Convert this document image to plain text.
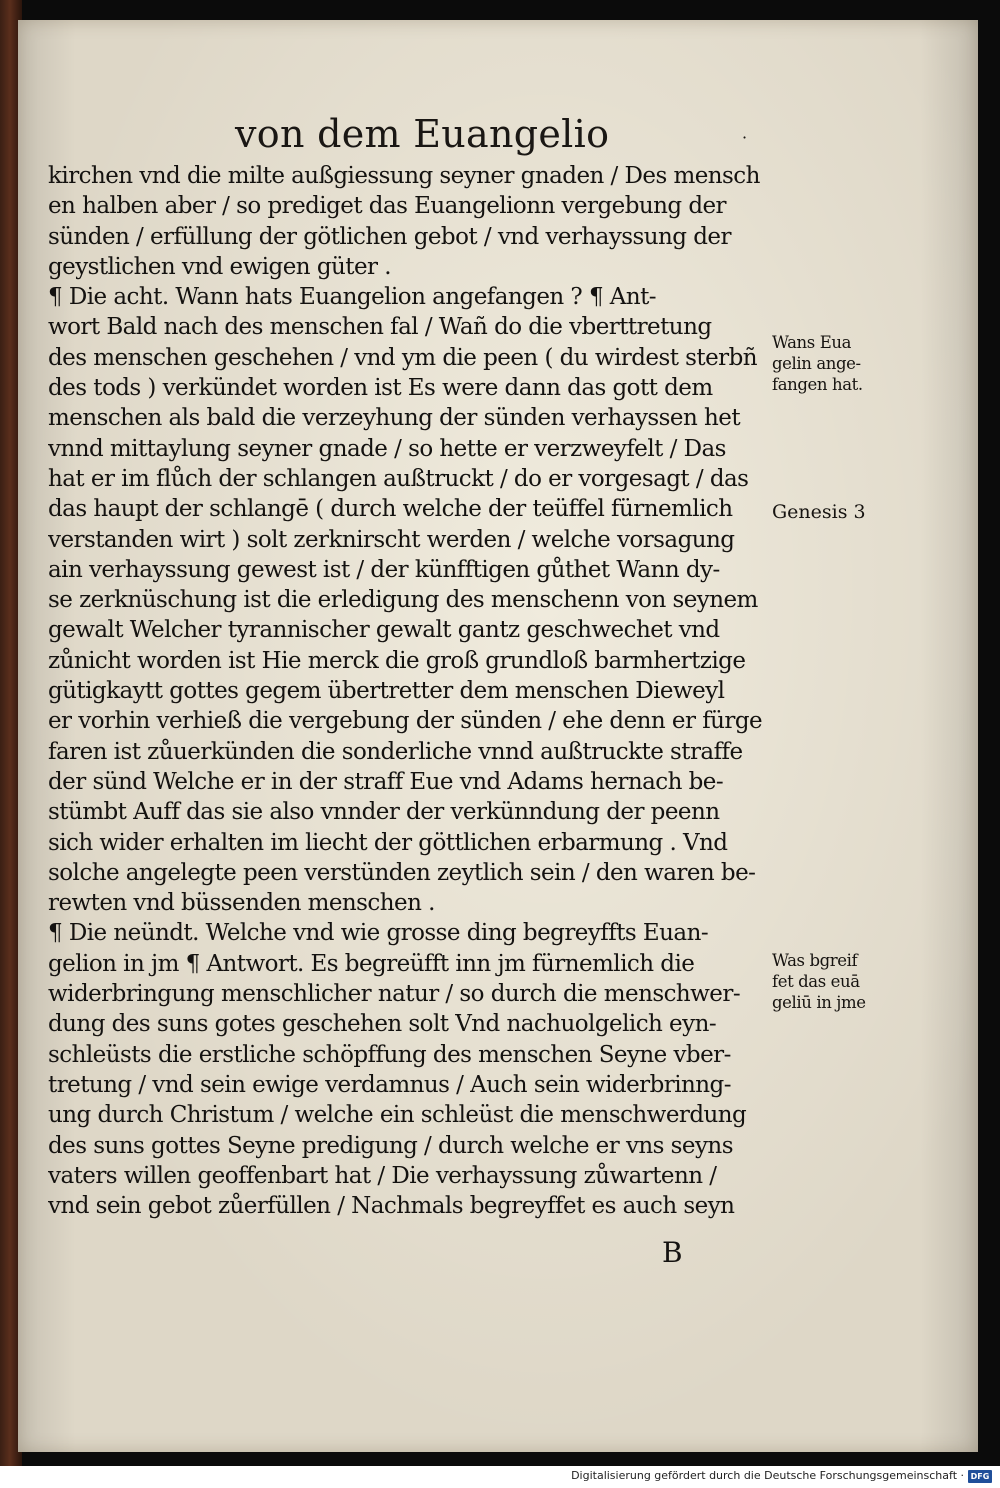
von dem Euangelio	·
kirchen vnd die milte außgiessung seyner gnaden / Des mensch
en halben aber / so prediget das Euangelionn vergebung der
sünden / erfüllung der götlichen gebot / vnd verhayssung der
geystlichen vnd ewigen güter .
¶ Die acht. Wann hats Euangelion angefangen ? ¶ Ant-
wort Bald nach des menschen fal / Wañ do die vberttretung
des menschen geschehen / vnd ym die peen ( du wirdest sterbñ
des tods ) verkündet worden ist Es were dann das gott dem
menschen als bald die verzeyhung der sünden verhayssen het
vnnd mittaylung seyner gnade / so hette er verzweyfelt / Das
hat er im flůch der schlangen außtruckt / do er vorgesagt / das
das haupt der schlangē ( durch welche der teüffel fürnemlich
verstanden wirt ) solt zerknirscht werden / welche vorsagung
ain verhayssung gewest ist / der künfftigen gůthet Wann dy-
se zerknüschung ist die erledigung des menschenn von seynem
gewalt Welcher tyrannischer gewalt gantz geschwechet vnd
zůnicht worden ist Hie merck die groß grundloß barmhertzige
gütigkaytt gottes gegem übertretter dem menschen Dieweyl
er vorhin verhieß die vergebung der sünden / ehe denn er fürge
faren ist zůuerkünden die sonderliche vnnd außtruckte straffe
der sünd Welche er in der straff Eue vnd Adams hernach be-
stümbt Auff das sie also vnnder der verkünndung der peenn
sich wider erhalten im liecht der göttlichen erbarmung . Vnd
solche angelegte peen verstünden zeytlich sein / den waren be-
rewten vnd büssenden menschen .
¶ Die neündt. Welche vnd wie grosse ding begreyffts Euan-
gelion in jm ¶ Antwort. Es begreüfft inn jm fürnemlich die
widerbringung menschlicher natur / so durch die menschwer-
dung des suns gotes geschehen solt Vnd nachuolgelich eyn-
schleüsts die erstliche schöpffung des menschen Seyne vber-
tretung / vnd sein ewige verdamnus / Auch sein widerbrinng-
ung durch Christum / welche ein schleüst die menschwerdung
des suns gottes Seyne predigung / durch welche er vns seyns
vaters willen geoffenbart hat / Die verhayssung zůwartenn /
vnd sein gebot zůerfüllen / Nachmals begreyffet es auch seyn
Wans Eua
gelin ange-
fangen hat.
Genesis 3
Was bgreif
fet das euā
geliū in jme
B
Digitalisierung gefördert durch die Deutsche Forschungsgemeinschaft · DFG
